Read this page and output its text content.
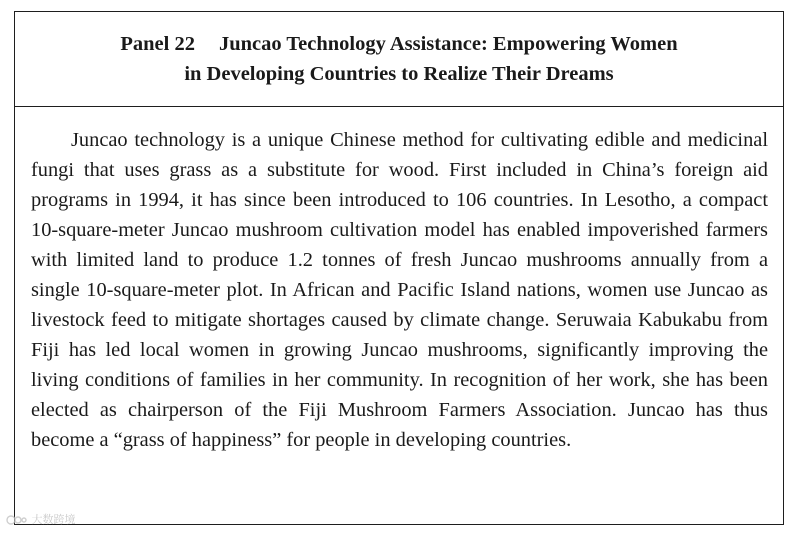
Panel 22 Juncao Technology Assistance: Empowering Women
in Developing Countries to Realize Their Dreams

Juncao technology is a unique Chinese method for cultivating edible and medicinal fungi that uses grass as a substitute for wood. First included in China’s foreign aid programs in 1994, it has since been introduced to 106 countries. In Lesotho, a compact 10-square-meter Juncao mushroom cultivation model has enabled impoverished farmers with limited land to produce 1.2 tonnes of fresh Juncao mushrooms annually from a single 10-square-meter plot. In African and Pacific Island nations, women use Juncao as livestock feed to mitigate shortages caused by climate change. Seruwaia Kabukabu from Fiji has led local women in growing Juncao mushrooms, significantly improving the living conditions of families in her community. In recognition of her work, she has been elected as chairperson of the Fiji Mushroom Farmers Association. Juncao has thus become a “grass of happiness” for people in developing countries.

大数跨境
